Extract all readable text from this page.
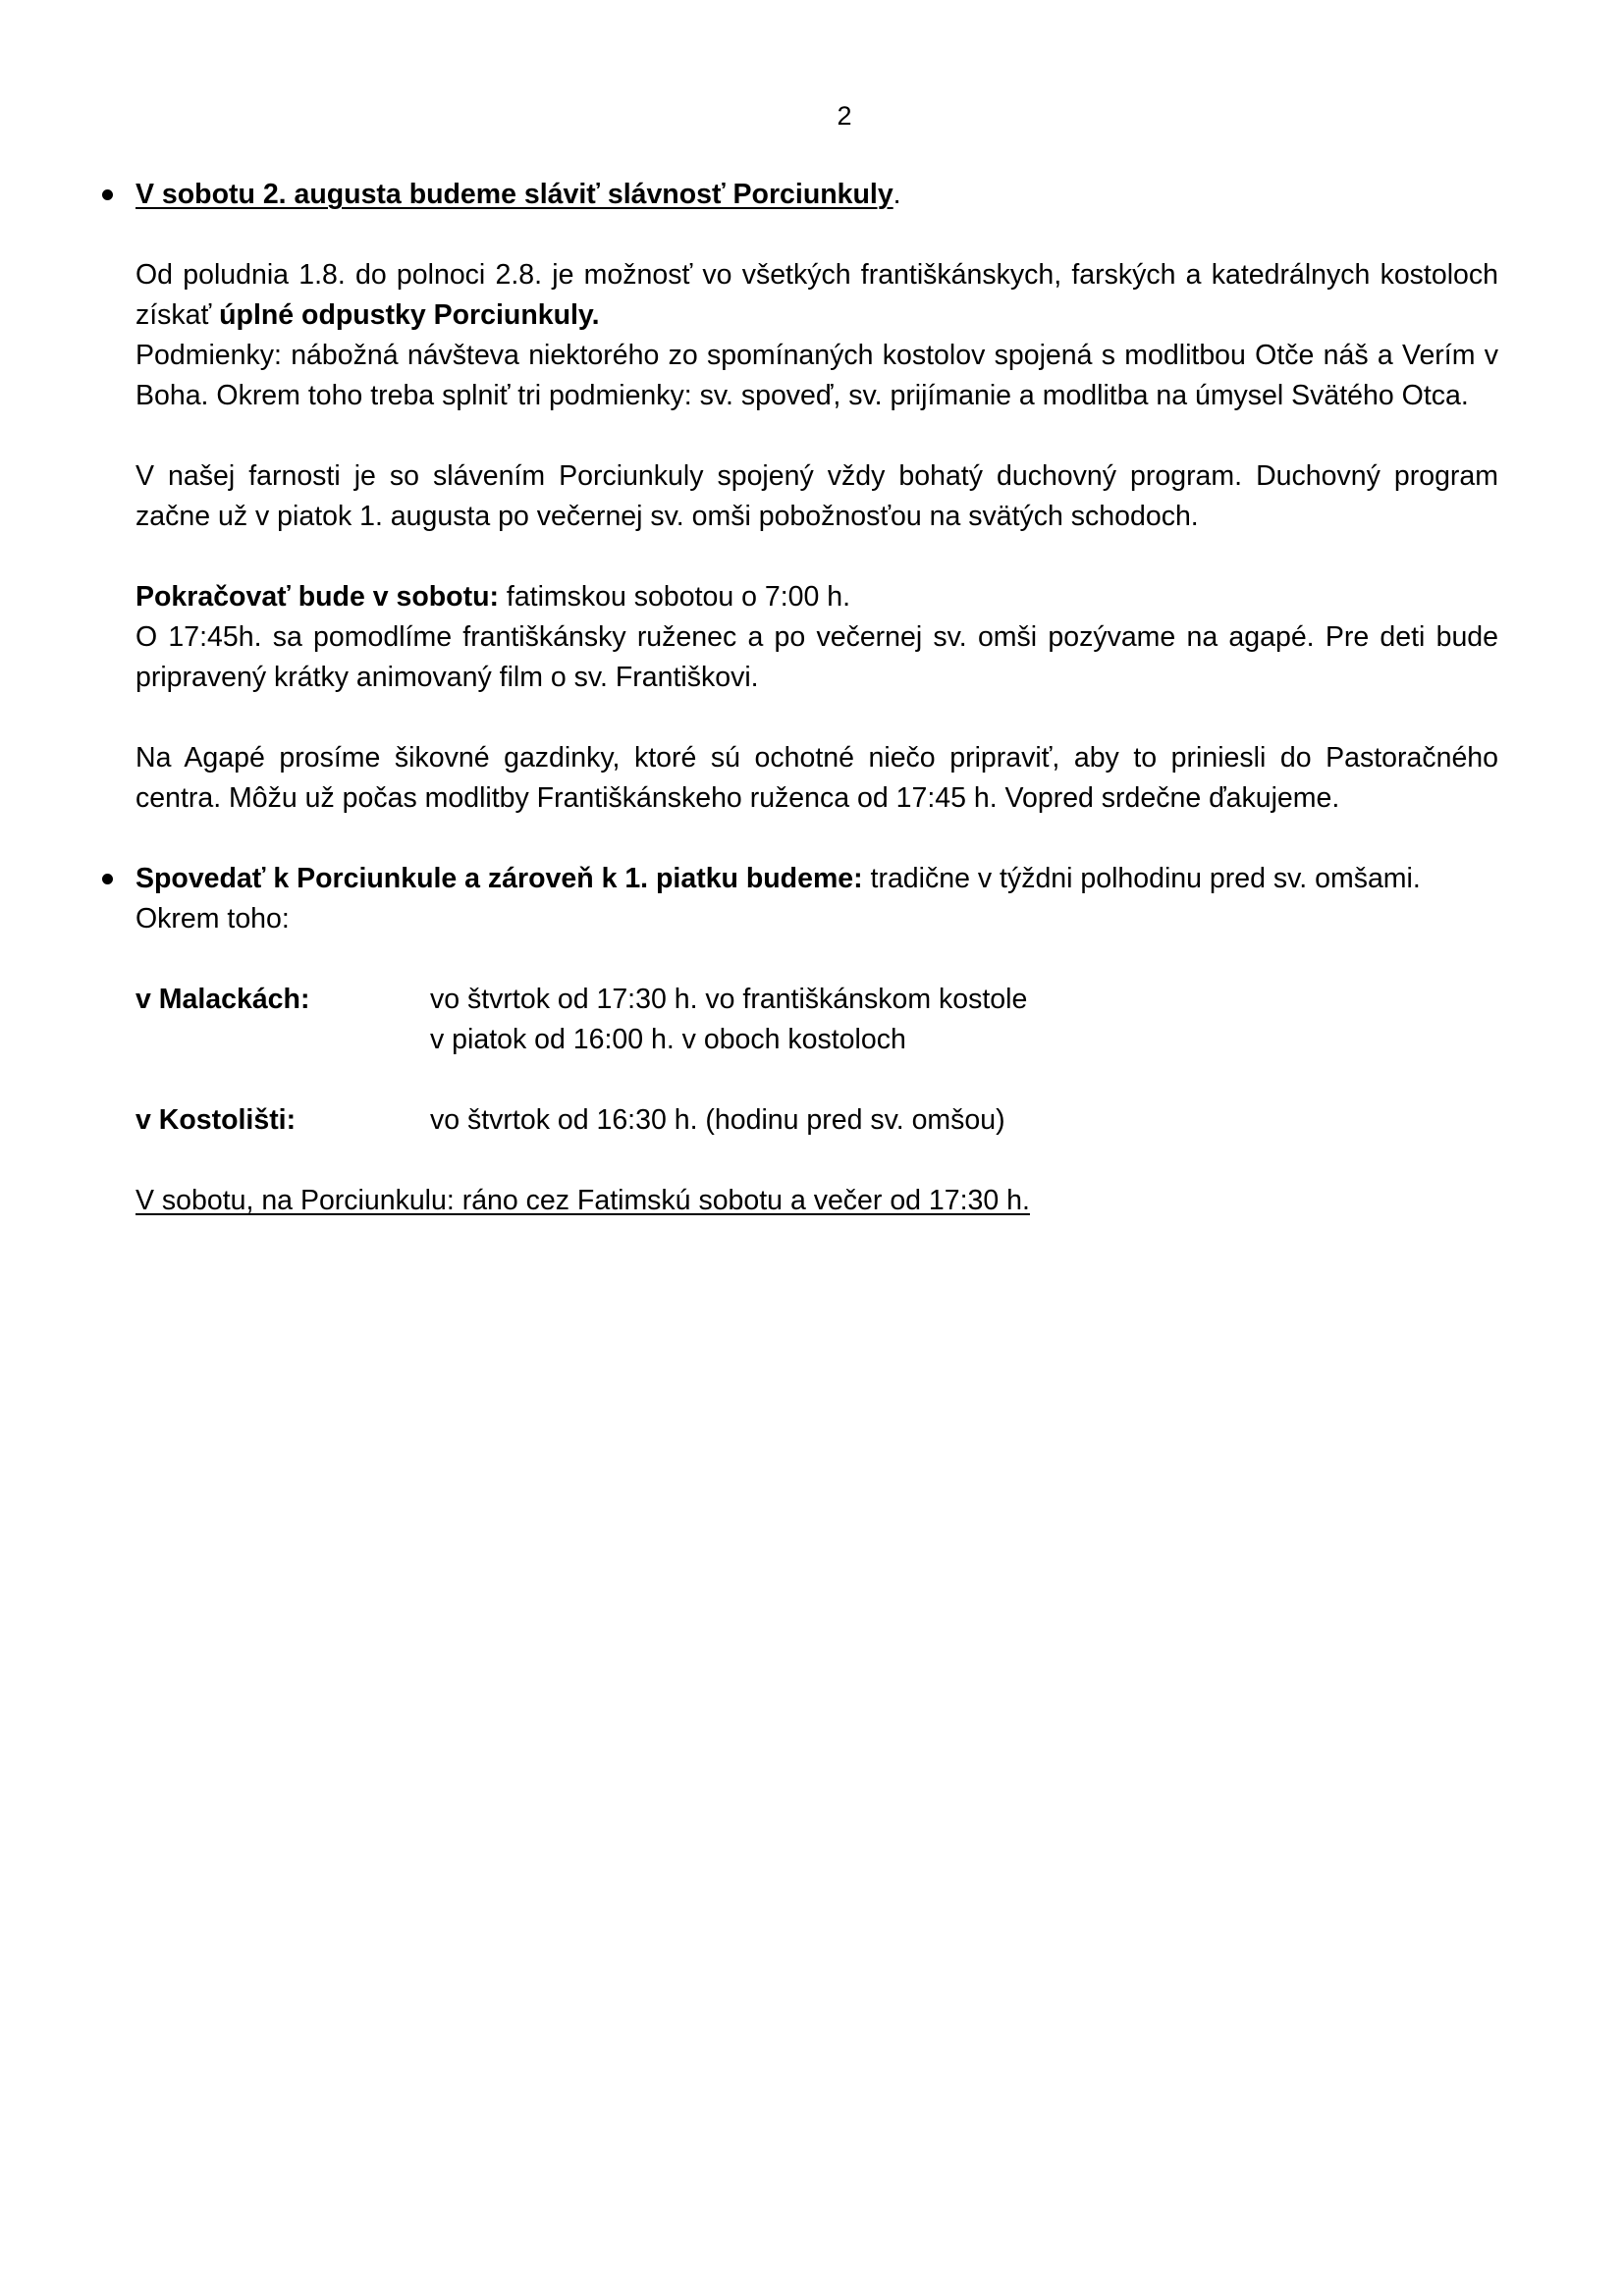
2

V sobotu 2. augusta budeme sláviť slávnosť Porciunkuly.

Od poludnia 1.8. do polnoci 2.8. je možnosť vo všetkých františkánskych, farských a katedrálnych kostoloch získať úplné odpustky Porciunkuly.

Podmienky: nábožná návšteva niektorého zo spomínaných kostolov spojená s modlitbou Otče náš a Verím v Boha. Okrem toho treba splniť tri podmienky: sv. spoveď, sv. prijímanie a modlitba na úmysel Svätého Otca.

V našej farnosti je so slávením Porciunkuly spojený vždy bohatý duchovný program. Duchovný program začne už v piatok 1. augusta po večernej sv. omši pobožnosťou na svätých schodoch.

Pokračovať bude v sobotu: fatimskou sobotou o 7:00 h.

O 17:45h. sa pomodlíme františkánsky ruženec a po večernej sv. omši pozývame na agapé. Pre deti bude pripravený krátky animovaný film o sv. Františkovi.

Na Agapé prosíme šikovné gazdinky, ktoré sú ochotné niečo pripraviť, aby to priniesli do Pastoračného centra. Môžu už počas modlitby Františkánskeho ruženca od 17:45 h. Vopred srdečne ďakujeme.

Spovedať k Porciunkule a zároveň k 1. piatku budeme: tradične v týždni polhodinu pred sv. omšami. Okrem toho:

v Malackách:	vo štvrtok od 17:30 h. vo františkánskom kostole
v piatok od 16:00 h. v oboch kostoloch
v Kostolišti:	vo štvrtok od 16:30 h. (hodinu pred sv. omšou)

V sobotu, na Porciunkulu: ráno cez Fatimskú sobotu a večer od 17:30 h.
